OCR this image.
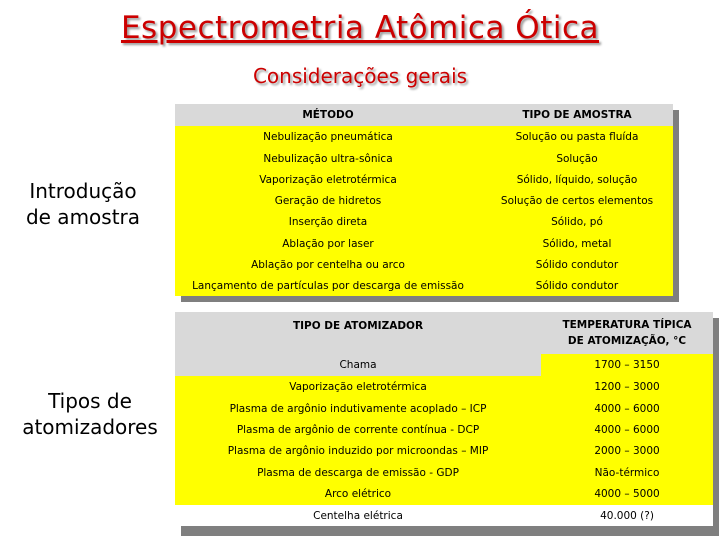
Espectrometria Atômica Ótica
Considerações gerais
Introdução
de amostra
Tipos de
atomizadores
MÉTODO	TIPO DE AMOSTRA
Nebulização pneumática	Solução ou pasta fluída
Nebulização ultra-sônica	Solução
Vaporização eletrotérmica	Sólido, líquido, solução
Geração de hidretos	Solução de certos elementos
Inserção direta	Sólido, pó
Ablação por laser	Sólido, metal
Ablação por centelha ou arco	Sólido condutor
Lançamento de partículas por descarga de emissão	Sólido condutor
TIPO DE ATOMIZADOR	TEMPERATURA TÍPICA
DE ATOMIZAÇÃO, °C

Chama	1700 – 3150
Vaporização eletrotérmica	1200 – 3000
Plasma de argônio indutivamente acoplado – ICP	4000 – 6000
Plasma de argônio de corrente contínua - DCP	4000 – 6000
Plasma de argônio induzido por microondas – MIP	2000 – 3000
Plasma de descarga de emissão - GDP	Não-térmico
Arco elétrico	4000 – 5000
Centelha elétrica	40.000 (?)
